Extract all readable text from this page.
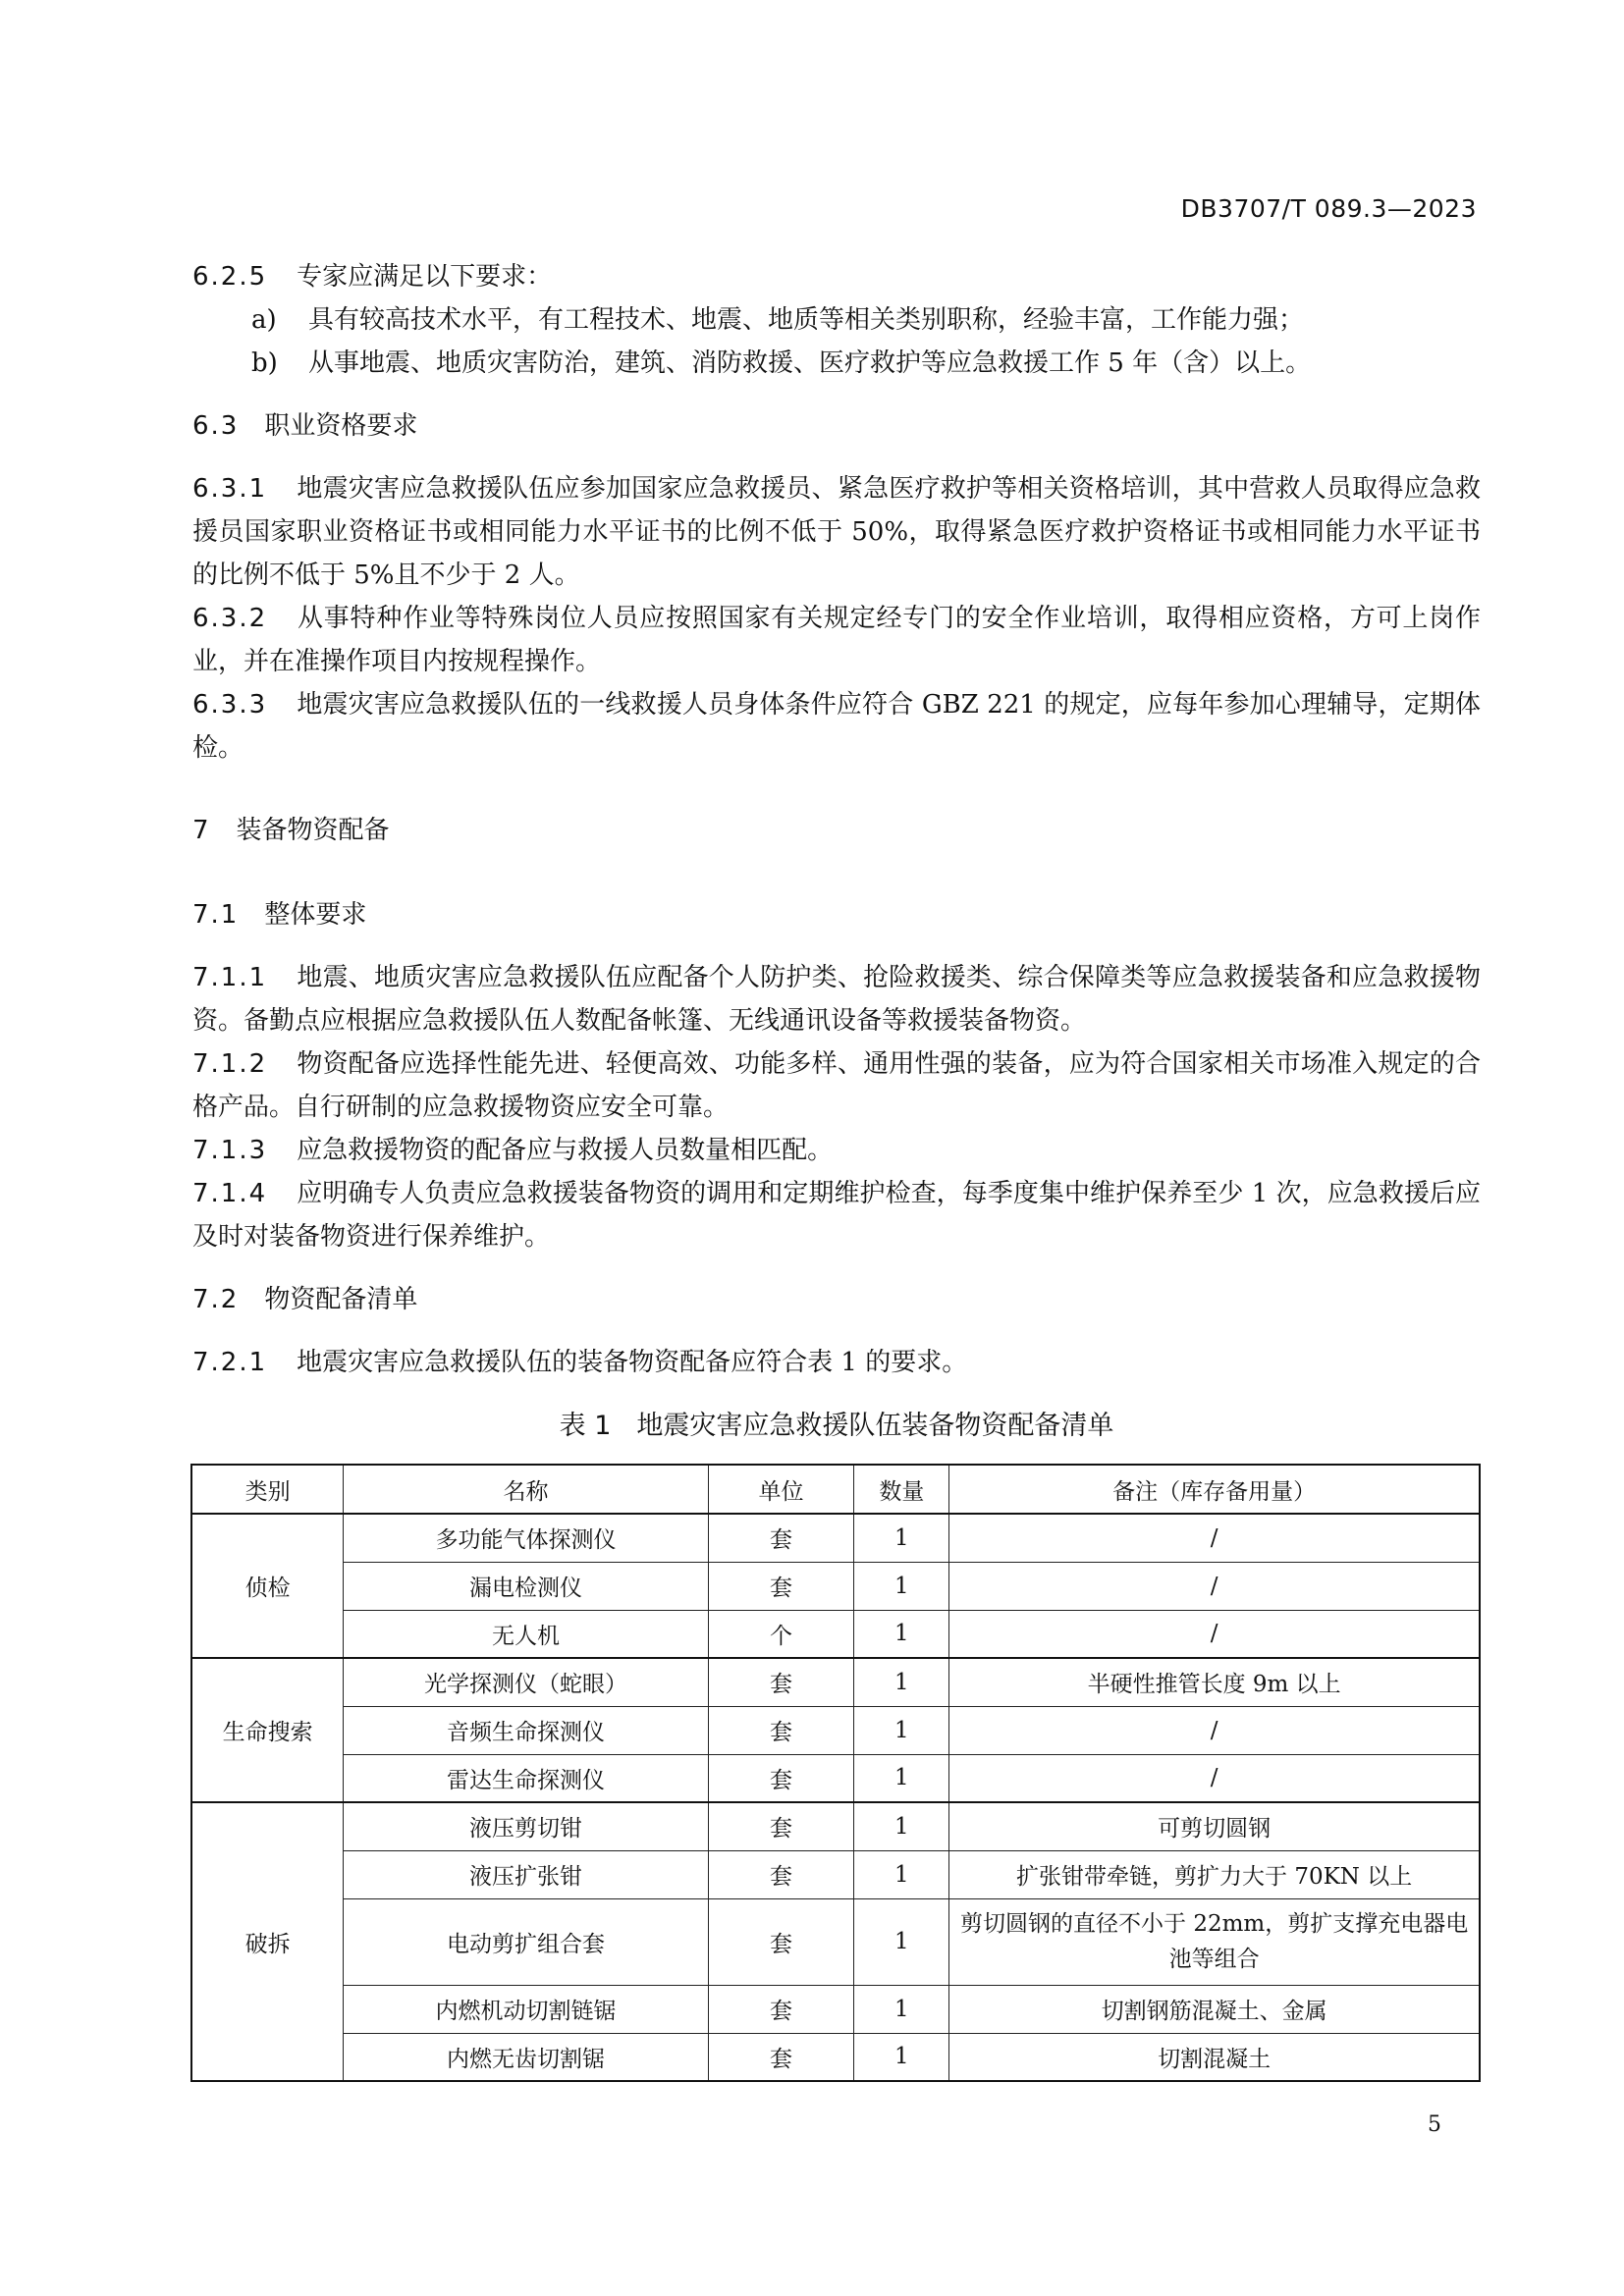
DB3707/T 089.3—2023
6.2.5 专家应满足以下要求：
a) 具有较高技术水平，有工程技术、地震、地质等相关类别职称，经验丰富，工作能力强；
b) 从事地震、地质灾害防治，建筑、消防救援、医疗救护等应急救援工作 5 年（含）以上。
6.3 职业资格要求
6.3.1 地震灾害应急救援队伍应参加国家应急救援员、紧急医疗救护等相关资格培训，其中营救人员取得应急救援员国家职业资格证书或相同能力水平证书的比例不低于 50%，取得紧急医疗救护资格证书或相同能力水平证书的比例不低于 5%且不少于 2 人。
6.3.2 从事特种作业等特殊岗位人员应按照国家有关规定经专门的安全作业培训，取得相应资格，方可上岗作业，并在准操作项目内按规程操作。
6.3.3 地震灾害应急救援队伍的一线救援人员身体条件应符合 GBZ 221 的规定，应每年参加心理辅导，定期体检。
7 装备物资配备
7.1 整体要求
7.1.1 地震、地质灾害应急救援队伍应配备个人防护类、抢险救援类、综合保障类等应急救援装备和应急救援物资。备勤点应根据应急救援队伍人数配备帐篷、无线通讯设备等救援装备物资。
7.1.2 物资配备应选择性能先进、轻便高效、功能多样、通用性强的装备，应为符合国家相关市场准入规定的合格产品。自行研制的应急救援物资应安全可靠。
7.1.3 应急救援物资的配备应与救援人员数量相匹配。
7.1.4 应明确专人负责应急救援装备物资的调用和定期维护检查，每季度集中维护保养至少 1 次，应急救援后应及时对装备物资进行保养维护。
7.2 物资配备清单
7.2.1 地震灾害应急救援队伍的装备物资配备应符合表 1 的要求。
表 1 地震灾害应急救援队伍装备物资配备清单
类别	名称	单位	数量	备注（库存备用量）
侦检	多功能气体探测仪	套	1	/
	漏电检测仪	套	1	/
	无人机	个	1	/
生命搜索	光学探测仪（蛇眼）	套	1	半硬性推管长度 9m 以上
	音频生命探测仪	套	1	/
	雷达生命探测仪	套	1	/
破拆	液压剪切钳	套	1	可剪切圆钢
	液压扩张钳	套	1	扩张钳带牵链，剪扩力大于 70KN 以上
	电动剪扩组合套	套	1	剪切圆钢的直径不小于 22mm，剪扩支撑充电器电池等组合
	内燃机动切割链锯	套	1	切割钢筋混凝土、金属
	内燃无齿切割锯	套	1	切割混凝土
5
